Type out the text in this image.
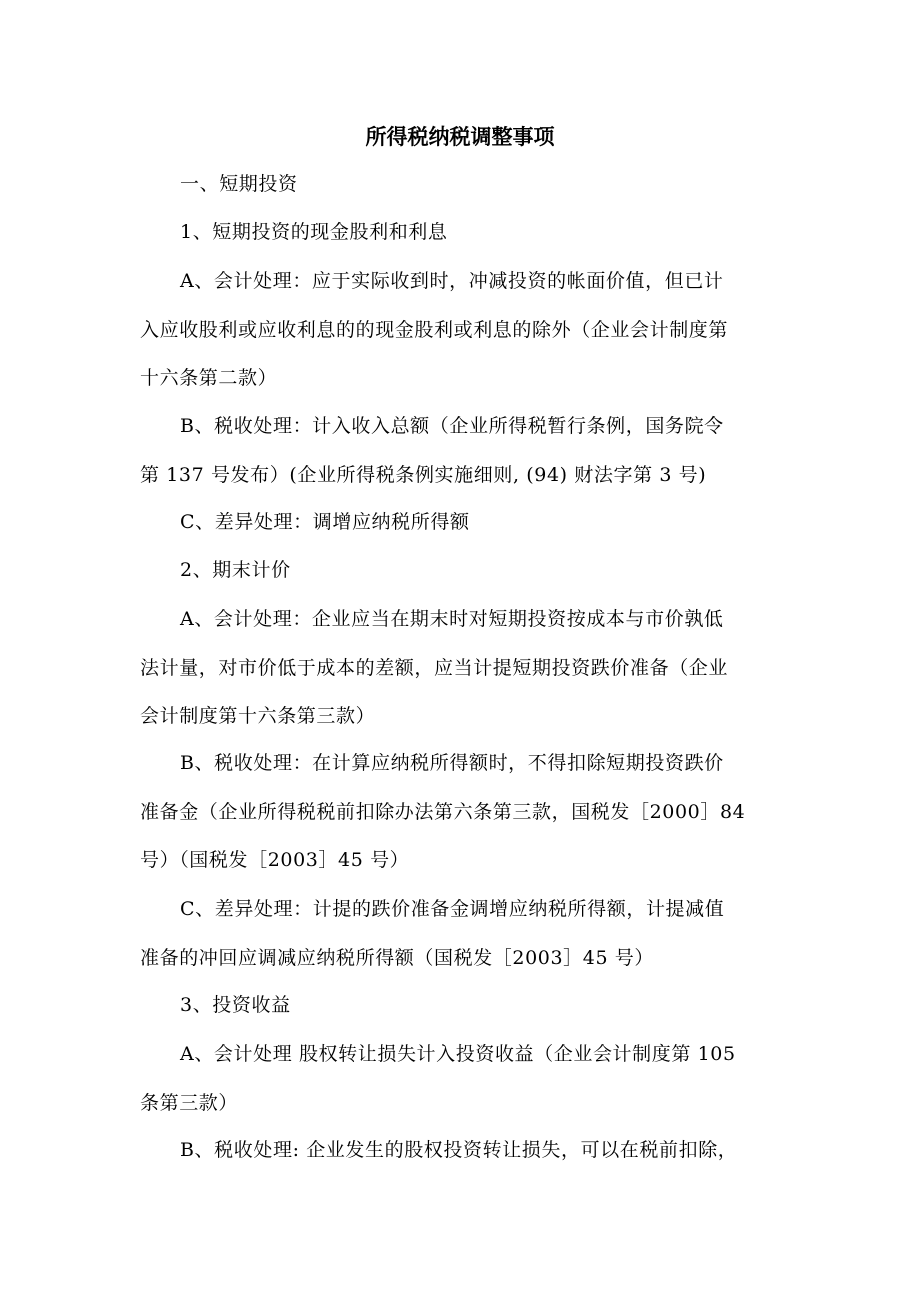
所得税纳税调整事项
一、短期投资
1、短期投资的现金股利和利息
A、会计处理：应于实际收到时，冲减投资的帐面价值，但已计
入应收股利或应收利息的的现金股利或利息的除外（企业会计制度第
十六条第二款）
B、税收处理：计入收入总额（企业所得税暂行条例，国务院令
第 137 号发布）(企业所得税条例实施细则, (94) 财法字第 3 号)
C、差异处理：调增应纳税所得额
2、期末计价
A、会计处理：企业应当在期末时对短期投资按成本与市价孰低
法计量，对市价低于成本的差额，应当计提短期投资跌价准备（企业
会计制度第十六条第三款）
B、税收处理：在计算应纳税所得额时，不得扣除短期投资跌价
准备金（企业所得税税前扣除办法第六条第三款，国税发［2000］84
号）（国税发［2003］45 号）
C、差异处理：计提的跌价准备金调增应纳税所得额，计提减值
准备的冲回应调减应纳税所得额（国税发［2003］45 号）
3、投资收益
A、会计处理 股权转让损失计入投资收益（企业会计制度第 105
条第三款）
B、税收处理: 企业发生的股权投资转让损失，可以在税前扣除，
